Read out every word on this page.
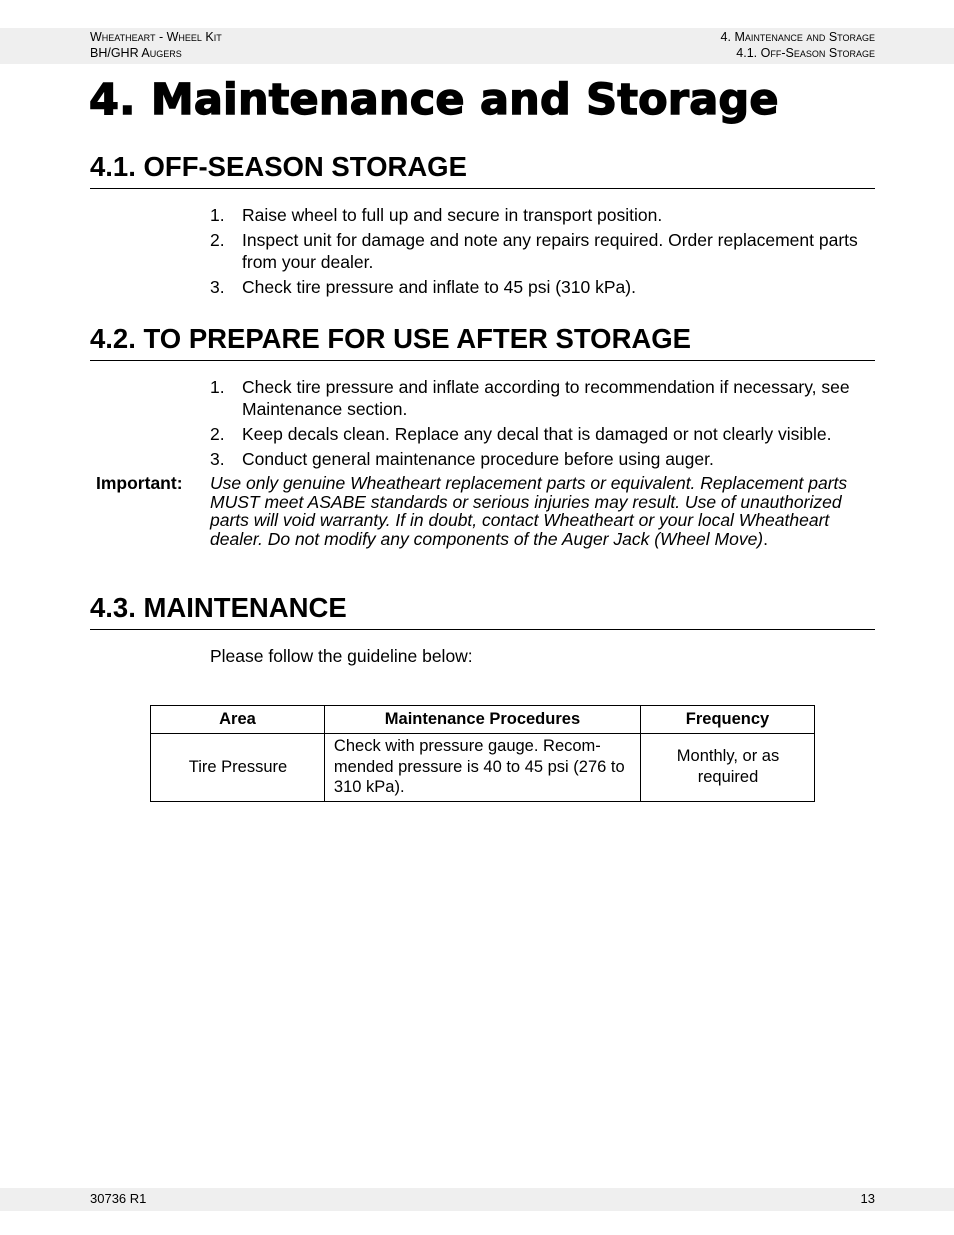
Wheatheart - Wheel Kit
BH/GHR Augers
4. Maintenance and Storage
4.1. Off-Season Storage
4. Maintenance and Storage
4.1. OFF-SEASON STORAGE
1. Raise wheel to full up and secure in transport position.
2. Inspect unit for damage and note any repairs required. Order replacement parts from your dealer.
3. Check tire pressure and inflate to 45 psi (310 kPa).
4.2. TO PREPARE FOR USE AFTER STORAGE
1. Check tire pressure and inflate according to recommendation if necessary, see Maintenance section.
2. Keep decals clean. Replace any decal that is damaged or not clearly visible.
3. Conduct general maintenance procedure before using auger.
Important: Use only genuine Wheatheart replacement parts or equivalent. Replacement parts MUST meet ASABE standards or serious injuries may result. Use of unauthorized parts will void warranty. If in doubt, contact Wheatheart or your local Wheatheart dealer. Do not modify any components of the Auger Jack (Wheel Move).
4.3. MAINTENANCE
Please follow the guideline below:
Area	Maintenance Procedures	Frequency
Tire Pressure	Check with pressure gauge. Recom-mended pressure is 40 to 45 psi (276 to 310 kPa).	Monthly, or as required
30736 R1	13
